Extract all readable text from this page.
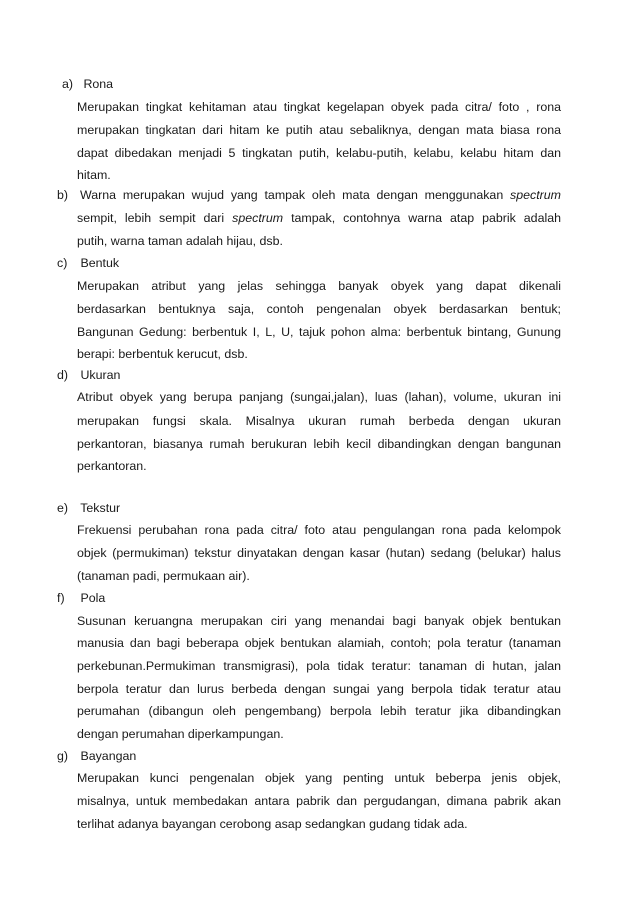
a) Rona
Merupakan tingkat kehitaman atau tingkat kegelapan obyek pada citra/ foto , rona
merupakan tingkatan dari hitam ke putih atau sebaliknya, dengan mata biasa rona
dapat dibedakan menjadi 5 tingkatan putih, kelabu-putih, kelabu, kelabu hitam dan
hitam.
b) Warna merupakan wujud yang tampak oleh mata dengan menggunakan spectrum
sempit, lebih sempit dari spectrum tampak, contohnya warna atap pabrik adalah
putih, warna taman adalah hijau, dsb.
c) Bentuk
Merupakan atribut yang jelas sehingga banyak obyek yang dapat dikenali
berdasarkan bentuknya saja, contoh pengenalan obyek berdasarkan bentuk;
Bangunan Gedung: berbentuk I, L, U, tajuk pohon alma: berbentuk bintang, Gunung
berapi: berbentuk kerucut, dsb.
d) Ukuran
Atribut obyek yang berupa panjang (sungai,jalan), luas (lahan), volume, ukuran ini
merupakan fungsi skala. Misalnya ukuran rumah berbeda dengan ukuran
perkantoran, biasanya rumah berukuran lebih kecil dibandingkan dengan bangunan
perkantoran.
e) Tekstur
Frekuensi perubahan rona pada citra/ foto atau pengulangan rona pada kelompok
objek (permukiman) tekstur dinyatakan dengan kasar (hutan) sedang (belukar) halus
(tanaman padi, permukaan air).
f) Pola
Susunan keruangna merupakan ciri yang menandai bagi banyak objek bentukan
manusia dan bagi beberapa objek bentukan alamiah, contoh; pola teratur (tanaman
perkebunan.Permukiman transmigrasi), pola tidak teratur: tanaman di hutan, jalan
berpola teratur dan lurus berbeda dengan sungai yang berpola tidak teratur atau
perumahan (dibangun oleh pengembang) berpola lebih teratur jika dibandingkan
dengan perumahan diperkampungan.
g) Bayangan
Merupakan kunci pengenalan objek yang penting untuk beberpa jenis objek,
misalnya, untuk membedakan antara pabrik dan pergudangan, dimana pabrik akan
terlihat adanya bayangan cerobong asap sedangkan gudang tidak ada.
